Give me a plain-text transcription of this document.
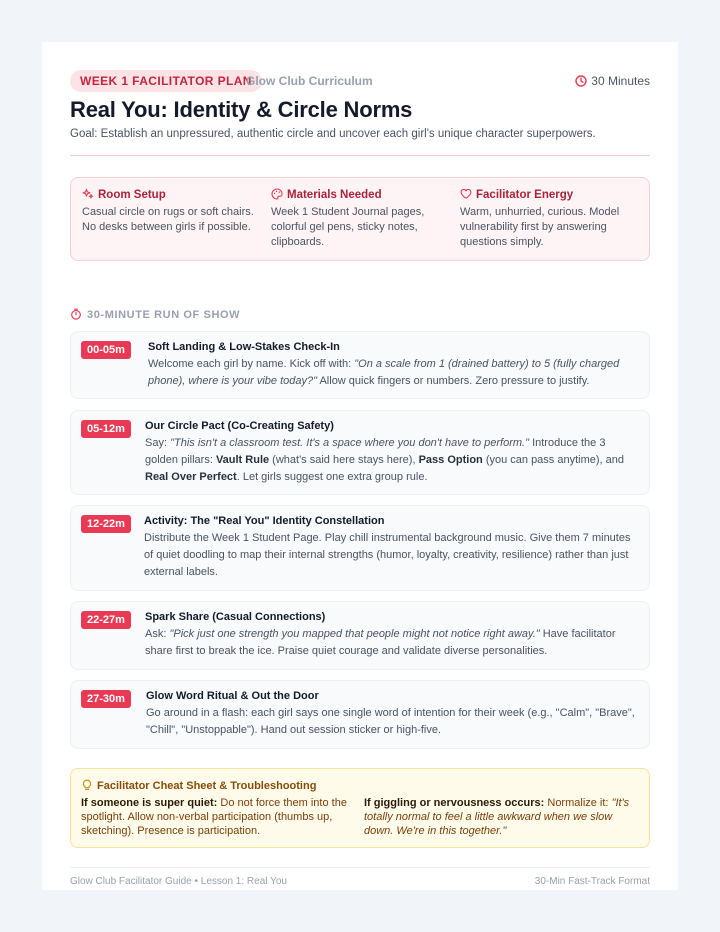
WEEK 1 FACILITATOR PLAN
Glow Club Curriculum	30 Minutes
Real You: Identity & Circle Norms
Goal: Establish an unpressured, authentic circle and uncover each girl's unique character superpowers.
Room Setup

Casual circle on rugs or soft chairs. No desks between girls if possible.

Materials Needed

Week 1 Student Journal pages, colorful gel pens, sticky notes, clipboards.

Facilitator Energy

Warm, unhurried, curious. Model vulnerability first by answering questions simply.

30-MINUTE RUN OF SHOW
00-05m	Soft Landing & Low-Stakes Check-In
Welcome each girl by name. Kick off with: "On a scale from 1 (drained battery) to 5 (fully charged phone), where is your vibe today?" Allow quick fingers or numbers. Zero pressure to justify.
05-12m	Our Circle Pact (Co-Creating Safety)
Say: "This isn't a classroom test. It's a space where you don't have to perform." Introduce the 3 golden pillars: Vault Rule (what's said here stays here), Pass Option (you can pass anytime), and Real Over Perfect. Let girls suggest one extra group rule.
12-22m	Activity: The "Real You" Identity Constellation
Distribute the Week 1 Student Page. Play chill instrumental background music. Give them 7 minutes of quiet doodling to map their internal strengths (humor, loyalty, creativity, resilience) rather than just external labels.
22-27m	Spark Share (Casual Connections)
Ask: "Pick just one strength you mapped that people might not notice right away." Have facilitator share first to break the ice. Praise quiet courage and validate diverse personalities.
27-30m	Glow Word Ritual & Out the Door
Go around in a flash: each girl says one single word of intention for their week (e.g., "Calm", "Brave", "Chill", "Unstoppable"). Hand out session sticker or high-five.
Facilitator Cheat Sheet & Troubleshooting
If someone is super quiet: Do not force them into the spotlight. Allow non-verbal participation (thumbs up, sketching). Presence is participation.
If giggling or nervousness occurs: Normalize it: "It's totally normal to feel a little awkward when we slow down. We're in this together."
Glow Club Facilitator Guide • Lesson 1: Real You	30-Min Fast-Track Format
